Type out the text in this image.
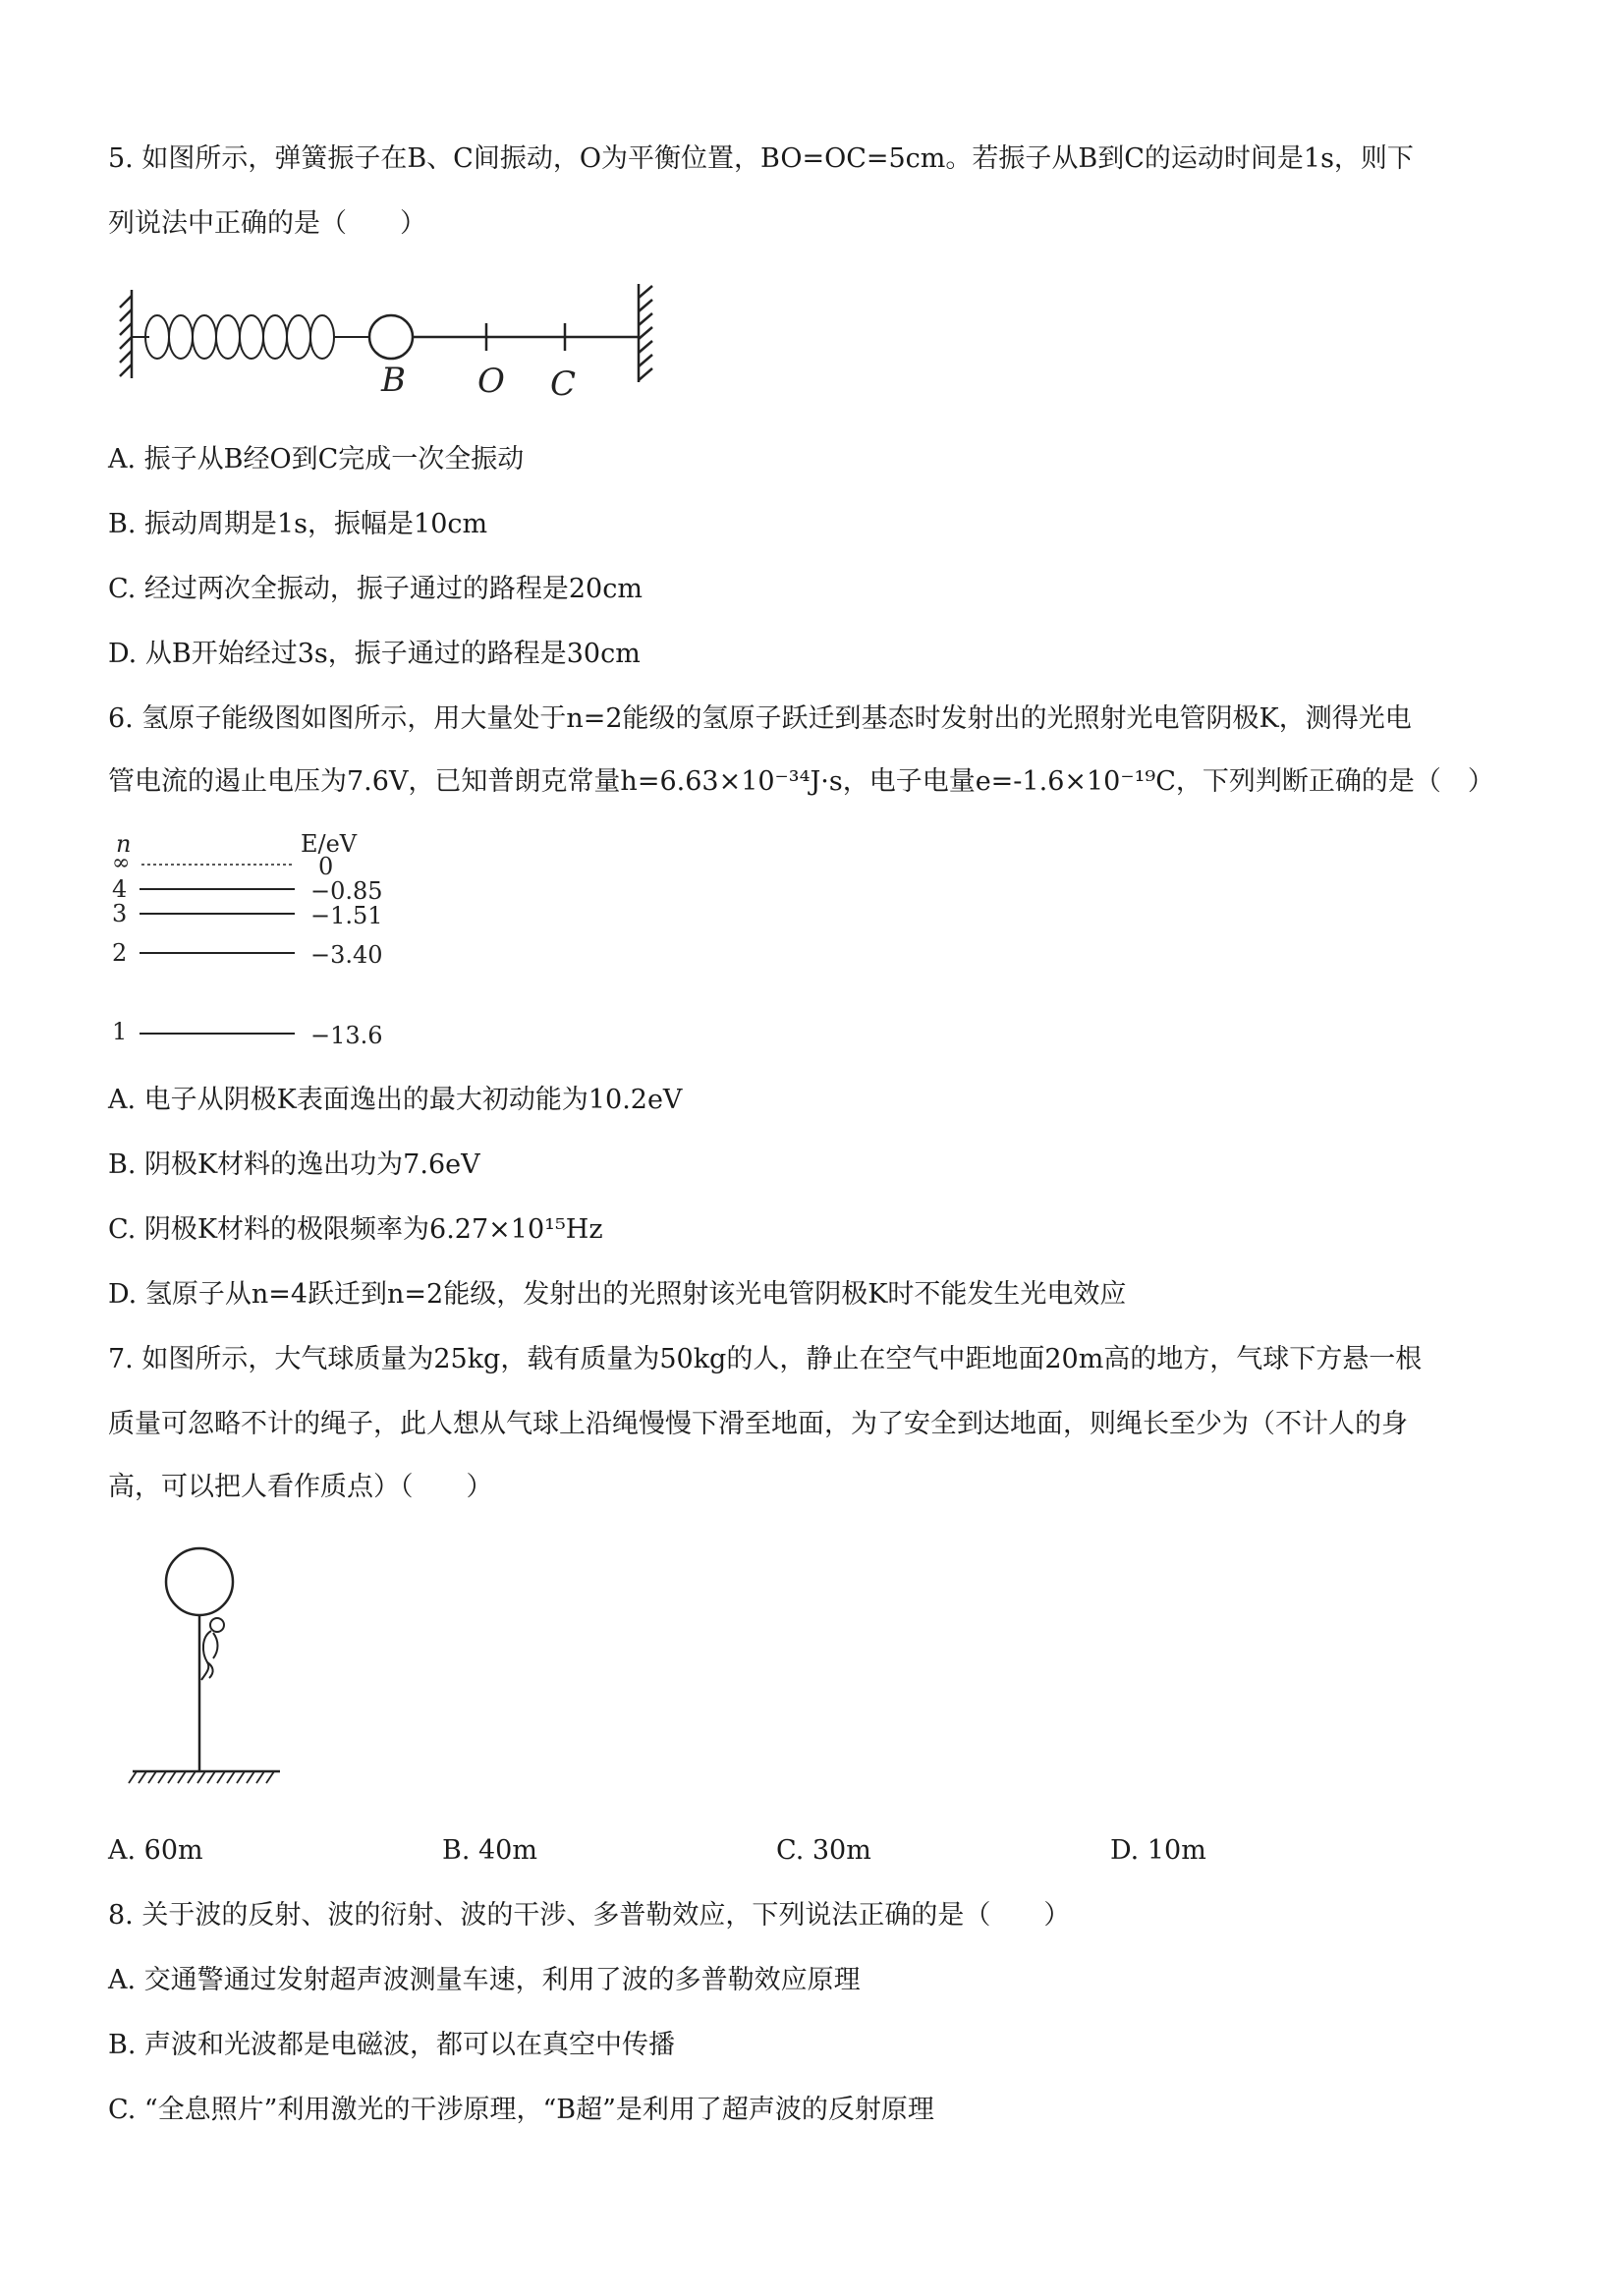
5. 如图所示，弹簧振子在B、C间振动，O为平衡位置，BO=OC=5cm。若振子从B到C的运动时间是1s，则下
列说法中正确的是（　　）
B O C
A. 振子从B经O到C完成一次全振动
B. 振动周期是1s，振幅是10cm
C. 经过两次全振动，振子通过的路程是20cm
D. 从B开始经过3s，振子通过的路程是30cm
6. 氢原子能级图如图所示，用大量处于n=2能级的氢原子跃迁到基态时发射出的光照射光电管阴极K，测得光电
管电流的遏止电压为7.6V，已知普朗克常量h=6.63×10⁻³⁴J·s，电子电量e=-1.6×10⁻¹⁹C，下列判断正确的是（　）
n	E/eV
∞	0
4	−0.85
3	−1.51
2	−3.40
1	−13.6
A. 电子从阴极K表面逸出的最大初动能为10.2eV
B. 阴极K材料的逸出功为7.6eV
C. 阴极K材料的极限频率为6.27×10¹⁵Hz
D. 氢原子从n=4跃迁到n=2能级，发射出的光照射该光电管阴极K时不能发生光电效应
7. 如图所示，大气球质量为25kg，载有质量为50kg的人，静止在空气中距地面20m高的地方，气球下方悬一根
质量可忽略不计的绳子，此人想从气球上沿绳慢慢下滑至地面，为了安全到达地面，则绳长至少为（不计人的身
高，可以把人看作质点）（　　）
A. 60m	B. 40m	C. 30m	D. 10m
8. 关于波的反射、波的衍射、波的干涉、多普勒效应，下列说法正确的是（　　）
A. 交通警通过发射超声波测量车速，利用了波的多普勒效应原理
B. 声波和光波都是电磁波，都可以在真空中传播
C. “全息照片”利用激光的干涉原理，“B超”是利用了超声波的反射原理
